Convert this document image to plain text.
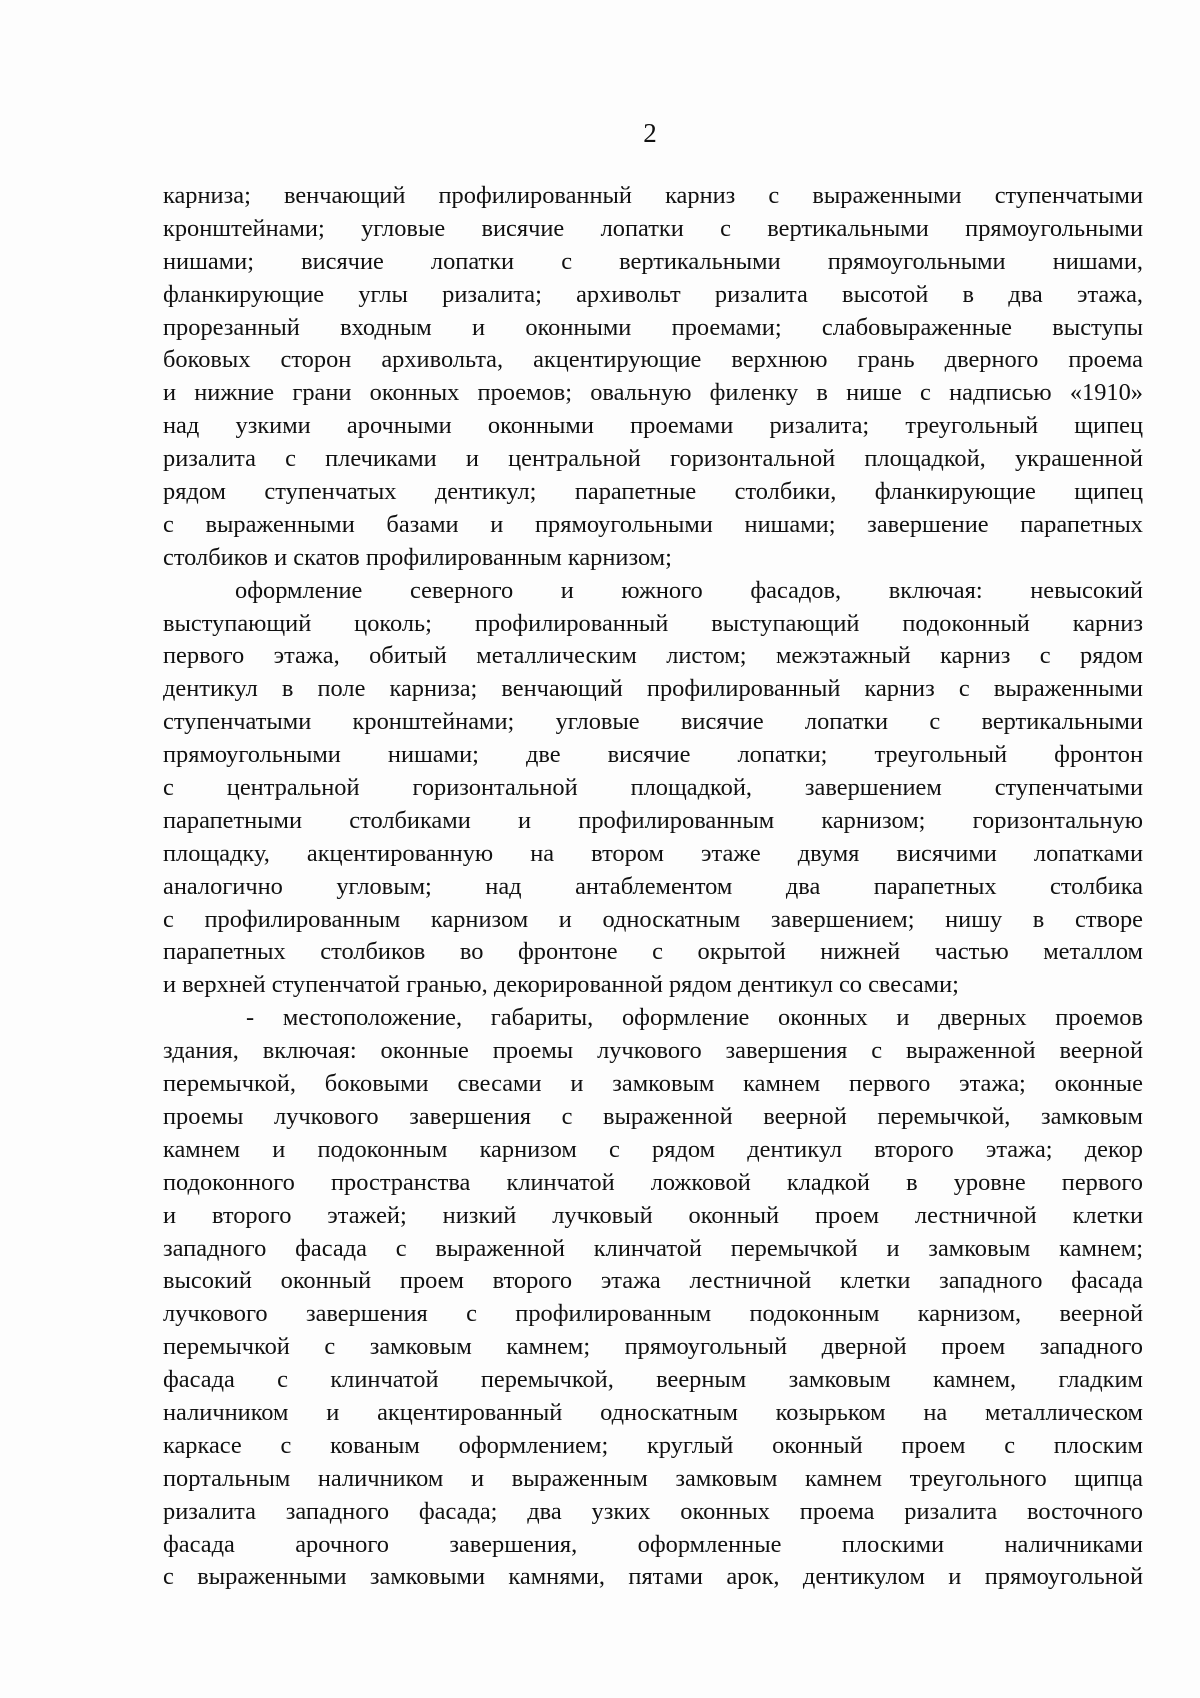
2
карниза; венчающий профилированный карниз с выраженными ступенчатыми
кронштейнами; угловые висячие лопатки с вертикальными прямоугольными
нишами; висячие лопатки с вертикальными прямоугольными нишами,
фланкирующие углы ризалита; архивольт ризалита высотой в два этажа,
прорезанный входным и оконными проемами; слабовыраженные выступы
боковых сторон архивольта, акцентирующие верхнюю грань дверного проема
и нижние грани оконных проемов; овальную филенку в нише с надписью «1910»
над узкими арочными оконными проемами ризалита; треугольный щипец
ризалита с плечиками и центральной горизонтальной площадкой, украшенной
рядом ступенчатых дентикул; парапетные столбики, фланкирующие щипец
с выраженными базами и прямоугольными нишами; завершение парапетных
столбиков и скатов профилированным карнизом;
оформление северного и южного фасадов, включая: невысокий
выступающий цоколь; профилированный выступающий подоконный карниз
первого этажа, обитый металлическим листом; межэтажный карниз с рядом
дентикул в поле карниза; венчающий профилированный карниз с выраженными
ступенчатыми кронштейнами; угловые висячие лопатки с вертикальными
прямоугольными нишами; две висячие лопатки; треугольный фронтон
с центральной горизонтальной площадкой, завершением ступенчатыми
парапетными столбиками и профилированным карнизом; горизонтальную
площадку, акцентированную на втором этаже двумя висячими лопатками
аналогично угловым; над антаблементом два парапетных столбика
с профилированным карнизом и односкатным завершением; нишу в створе
парапетных столбиков во фронтоне с окрытой нижней частью металлом
и верхней ступенчатой гранью, декорированной рядом дентикул со свесами;
- местоположение, габариты, оформление оконных и дверных проемов
здания, включая: оконные проемы лучкового завершения с выраженной веерной
перемычкой, боковыми свесами и замковым камнем первого этажа; оконные
проемы лучкового завершения с выраженной веерной перемычкой, замковым
камнем и подоконным карнизом с рядом дентикул второго этажа; декор
подоконного пространства клинчатой ложковой кладкой в уровне первого
и второго этажей; низкий лучковый оконный проем лестничной клетки
западного фасада с выраженной клинчатой перемычкой и замковым камнем;
высокий оконный проем второго этажа лестничной клетки западного фасада
лучкового завершения с профилированным подоконным карнизом, веерной
перемычкой с замковым камнем; прямоугольный дверной проем западного
фасада с клинчатой перемычкой, веерным замковым камнем, гладким
наличником и акцентированный односкатным козырьком на металлическом
каркасе с кованым оформлением; круглый оконный проем с плоским
портальным наличником и выраженным замковым камнем треугольного щипца
ризалита западного фасада; два узких оконных проема ризалита восточного
фасада арочного завершения, оформленные плоскими наличниками
с выраженными замковыми камнями, пятами арок, дентикулом и прямоугольной
